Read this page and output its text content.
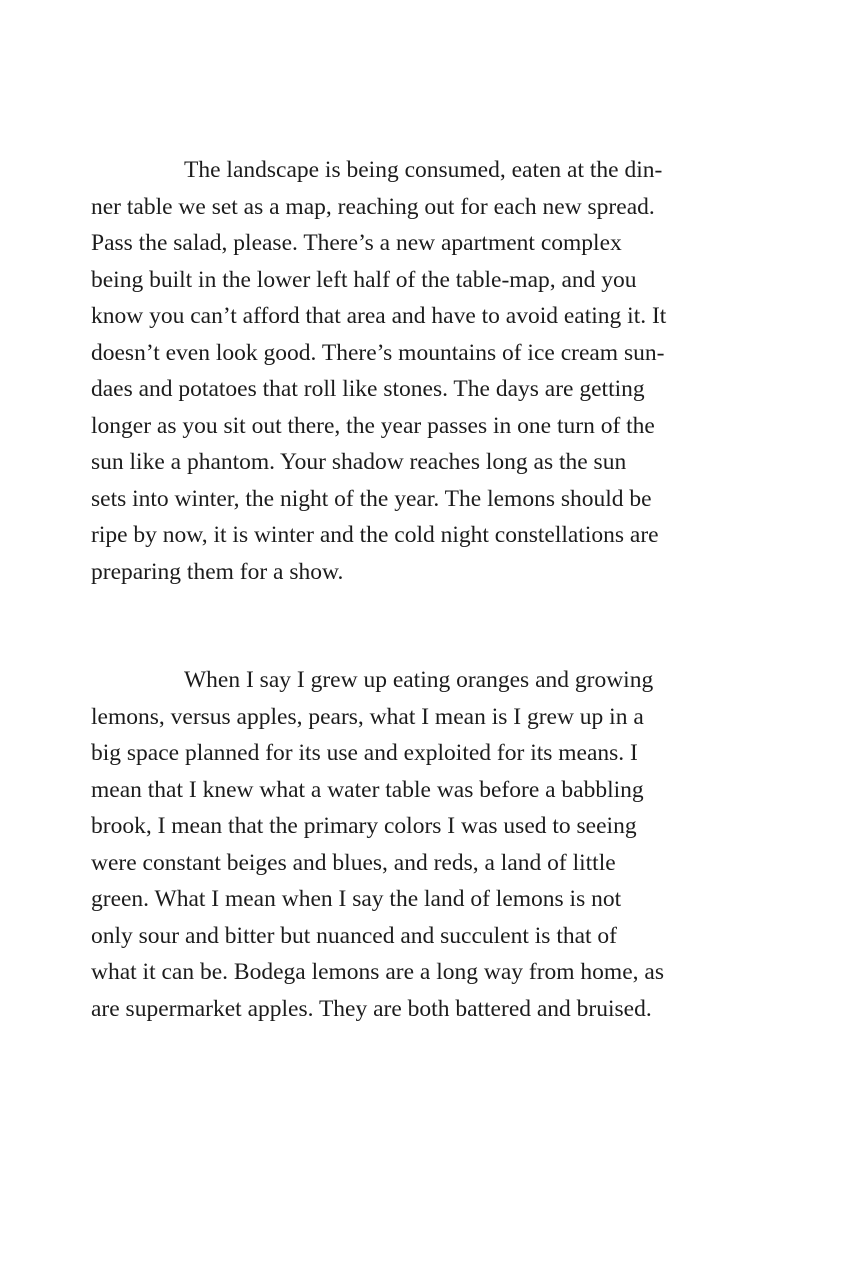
The landscape is being consumed, eaten at the din-
ner table we set as a map, reaching out for each new spread.
Pass the salad, please. There’s a new apartment complex
being built in the lower left half of the table-map, and you
know you can’t afford that area and have to avoid eating it. It
doesn’t even look good. There’s mountains of ice cream sun-
daes and potatoes that roll like stones. The days are getting
longer as you sit out there, the year passes in one turn of the
sun like a phantom. Your shadow reaches long as the sun
sets into winter, the night of the year. The lemons should be
ripe by now, it is winter and the cold night constellations are
preparing them for a show.

When I say I grew up eating oranges and growing
lemons, versus apples, pears, what I mean is I grew up in a
big space planned for its use and exploited for its means. I
mean that I knew what a water table was before a babbling
brook, I mean that the primary colors I was used to seeing
were constant beiges and blues, and reds, a land of little
green. What I mean when I say the land of lemons is not
only sour and bitter but nuanced and succulent is that of
what it can be. Bodega lemons are a long way from home, as
are supermarket apples. They are both battered and bruised.
